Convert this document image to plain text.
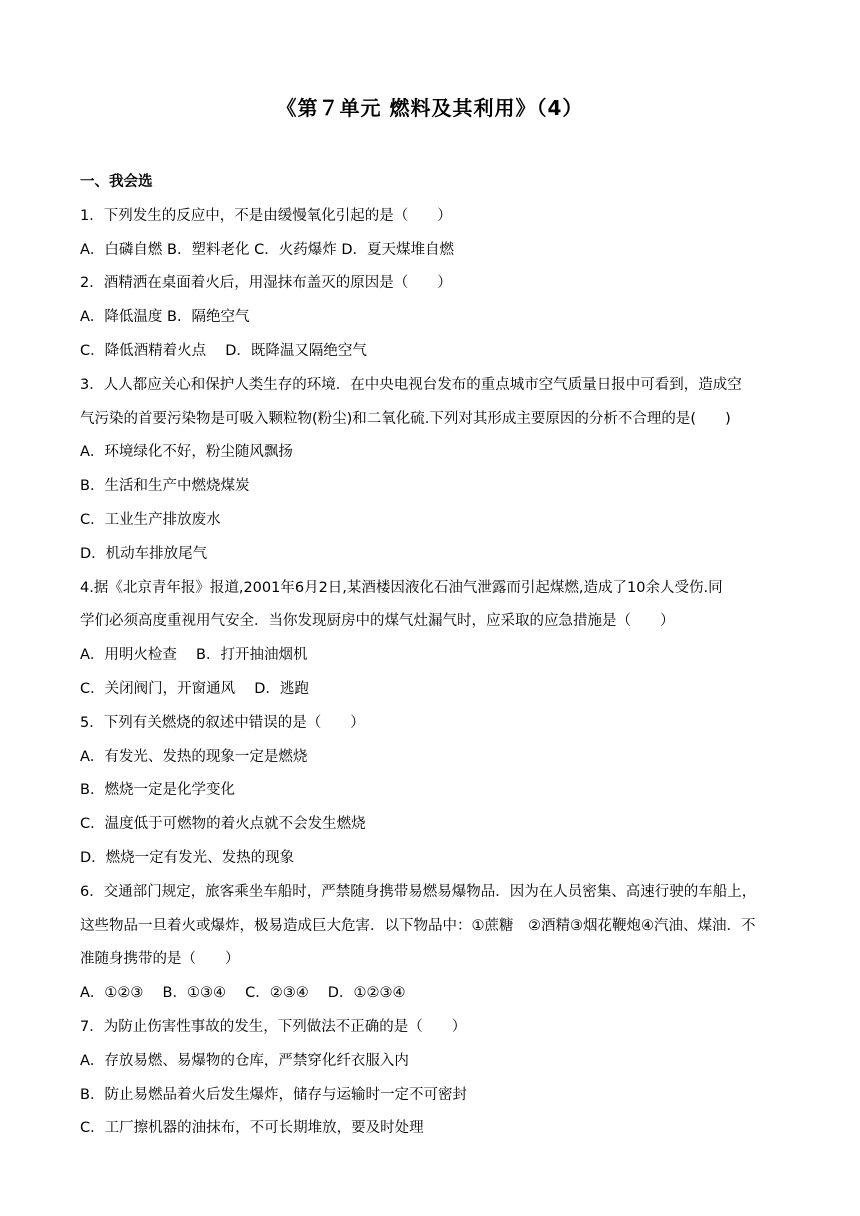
《第７单元 燃料及其利用》（4）
一、我会选
1．下列发生的反应中，不是由缓慢氧化引起的是（　　）
A．白磷自燃 B．塑料老化 C．火药爆炸 D．夏天煤堆自燃
2．酒精洒在桌面着火后，用湿抹布盖灭的原因是（　　）
A．降低温度 B．隔绝空气
C．降低酒精着火点　 D．既降温又隔绝空气
3．人人都应关心和保护人类生存的环境．在中央电视台发布的重点城市空气质量日报中可看到，造成空
气污染的首要污染物是可吸入颗粒物(粉尘)和二氧化硫.下列对其形成主要原因的分析不合理的是(　　)
A．环境绿化不好，粉尘随风飘扬
B．生活和生产中燃烧煤炭
C．工业生产排放废水
D．机动车排放尾气
4.据《北京青年报》报道,2001年6月2日,某酒楼因液化石油气泄露而引起煤燃,造成了10余人受伤.同
学们必须高度重视用气安全．当你发现厨房中的煤气灶漏气时，应采取的应急措施是（　　）
A．用明火检查　 B．打开抽油烟机
C．关闭阀门，开窗通风　 D．逃跑
5．下列有关燃烧的叙述中错误的是（　　）
A．有发光、发热的现象一定是燃烧
B．燃烧一定是化学变化
C．温度低于可燃物的着火点就不会发生燃烧
D．燃烧一定有发光、发热的现象
6．交通部门规定，旅客乘坐车船时，严禁随身携带易燃易爆物品．因为在人员密集、高速行驶的车船上，
这些物品一旦着火或爆炸，极易造成巨大危害．以下物品中：①蔗糖　②酒精③烟花鞭炮④汽油、煤油．不
准随身携带的是（　　）
A．①②③　 B．①③④　 C．②③④　 D．①②③④
7．为防止伤害性事故的发生，下列做法不正确的是（　　）
A．存放易燃、易爆物的仓库，严禁穿化纤衣服入内
B．防止易燃品着火后发生爆炸，储存与运输时一定不可密封
C．工厂擦机器的油抹布，不可长期堆放，要及时处理
